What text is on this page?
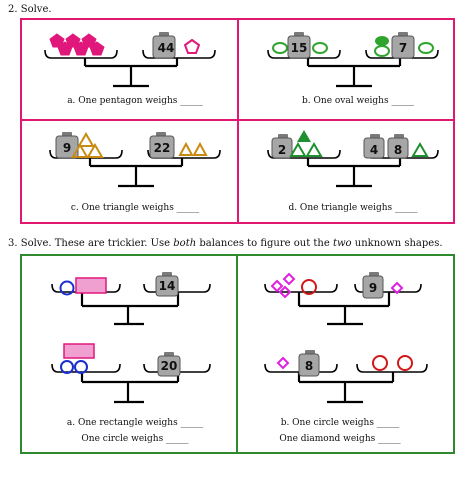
2. Solve.
44
a. One pentagon weighs _____
15	7
b. One oval weighs _____
9	22
c. One triangle weighs _____
2	4	8
d. One triangle weighs _____
3. Solve. These are trickier. Use both balances to figure out the two unknown shapes.
14
20
a. One rectangle weighs _____
One circle weighs _____
9
8
b. One circle weighs _____
One diamond weighs _____
